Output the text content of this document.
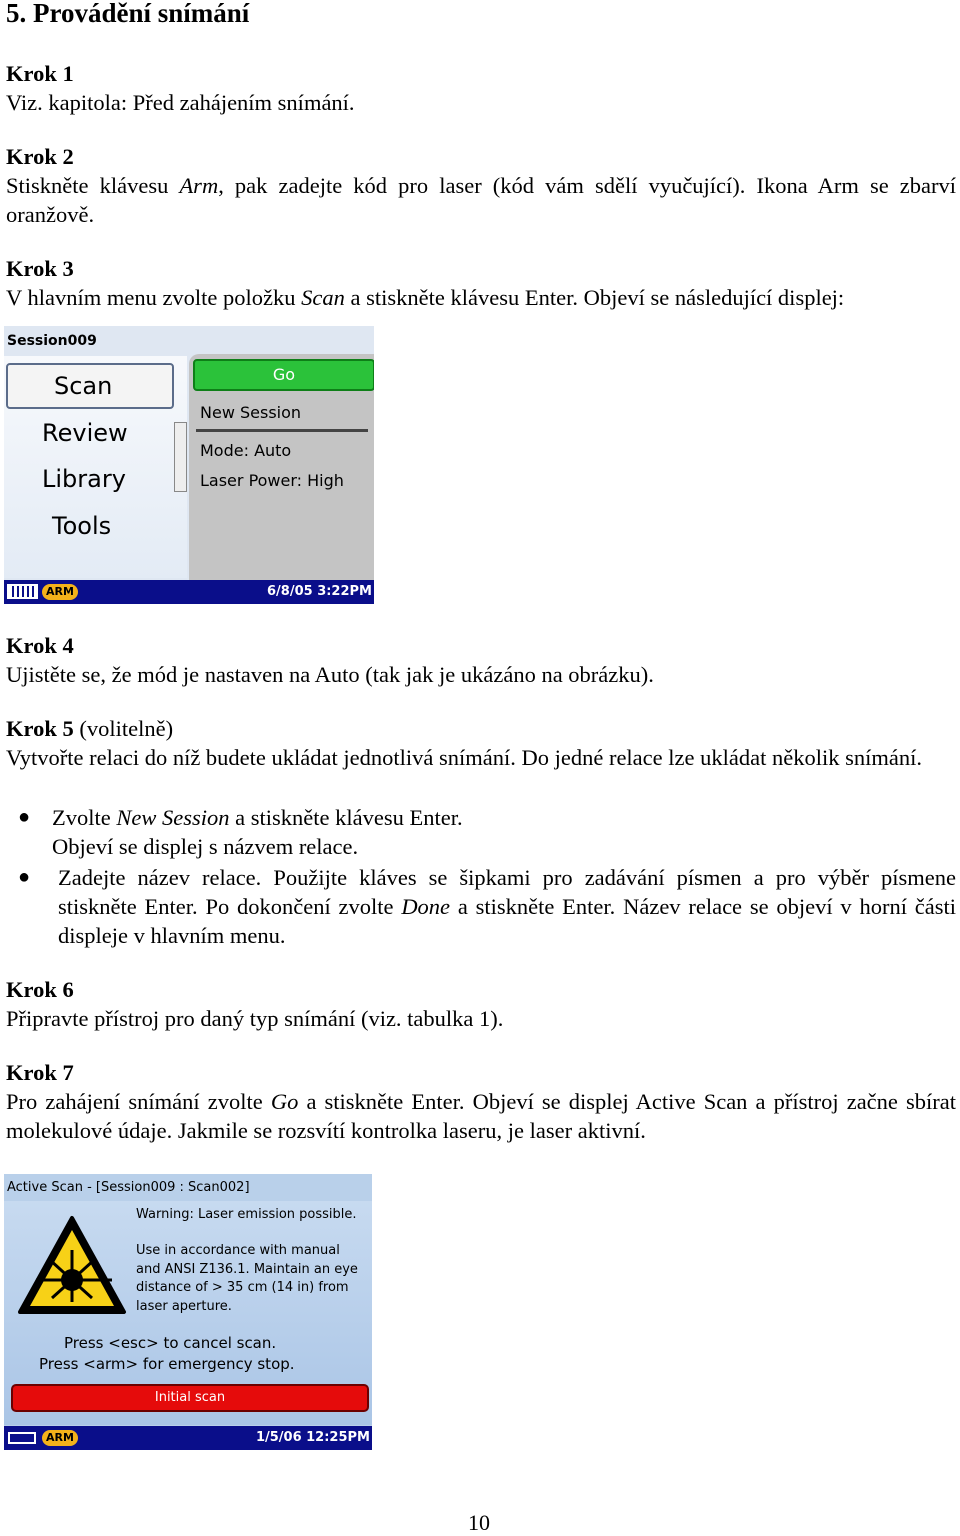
5. Provádění snímání
Krok 1
Viz. kapitola: Před zahájením snímání.
Krok 2
Stiskněte klávesu Arm, pak zadejte kód pro laser (kód vám sdělí vyučující). Ikona Arm se zbarví oranžově.
Krok 3
V hlavním menu zvolte položku Scan a stiskněte klávesu Enter. Objeví se následující displej:
Session009
Scan
Review
Library
Tools
Go
New Session
Mode: Auto
Laser Power: High
ARM	6/8/05 3:22PM
Krok 4
Ujistěte se, že mód je nastaven na Auto (tak jak je ukázáno na obrázku).
Krok 5 (volitelně)
Vytvořte relaci do níž budete ukládat jednotlivá snímání. Do jedné relace lze ukládat několik snímání.
● Zvolte New Session a stiskněte klávesu Enter.
Objeví se displej s názvem relace.
● Zadejte název relace. Použijte kláves se šipkami pro zadávání písmen a pro výběr písmene stiskněte Enter. Po dokončení zvolte Done a stiskněte Enter. Název relace se objeví v horní části displeje v hlavním menu.
Krok 6
Připravte přístroj pro daný typ snímání (viz. tabulka 1).
Krok 7
Pro zahájení snímání zvolte Go a stiskněte Enter. Objeví se displej Active Scan a přístroj začne sbírat molekulové údaje. Jakmile se rozsvítí kontrolka laseru, je laser aktivní.
Active Scan - [Session009 : Scan002]
Warning: Laser emission possible.
Use in accordance with manual
and ANSI Z136.1. Maintain an eye
distance of > 35 cm (14 in) from
laser aperture.
Press <esc> to cancel scan.
Press <arm> for emergency stop.
Initial scan
ARM	1/5/06 12:25PM
10
